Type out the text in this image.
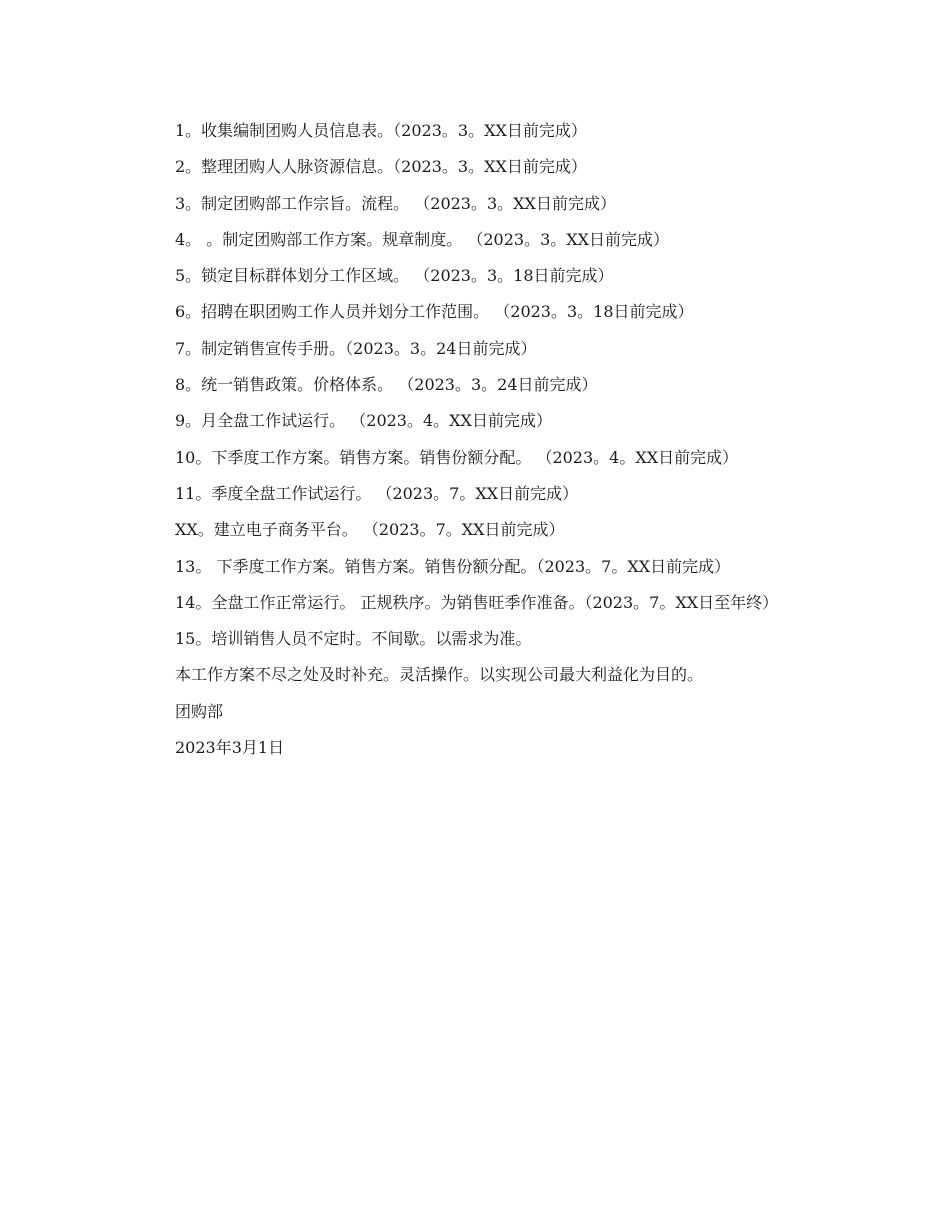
1。收集编制团购人员信息表。（2023。3。XX日前完成）

2。整理团购人人脉资源信息。（2023。3。XX日前完成）

3。制定团购部工作宗旨。流程。 （2023。3。XX日前完成）

4。 。制定团购部工作方案。规章制度。 （2023。3。XX日前完成）

5。锁定目标群体划分工作区域。 （2023。3。18日前完成）

6。招聘在职团购工作人员并划分工作范围。 （2023。3。18日前完成）

7。制定销售宣传手册。（2023。3。24日前完成）

8。统一销售政策。价格体系。 （2023。3。24日前完成）

9。月全盘工作试运行。 （2023。4。XX日前完成）

10。下季度工作方案。销售方案。销售份额分配。 （2023。4。XX日前完成）

11。季度全盘工作试运行。 （2023。7。XX日前完成）

XX。建立电子商务平台。 （2023。7。XX日前完成）

13。 下季度工作方案。销售方案。销售份额分配。（2023。7。XX日前完成）

14。全盘工作正常运行。 正规秩序。为销售旺季作准备。（2023。7。XX日至年终）

15。培训销售人员不定时。不间歇。以需求为准。

本工作方案不尽之处及时补充。灵活操作。以实现公司最大利益化为目的。

团购部

2023年3月1日
